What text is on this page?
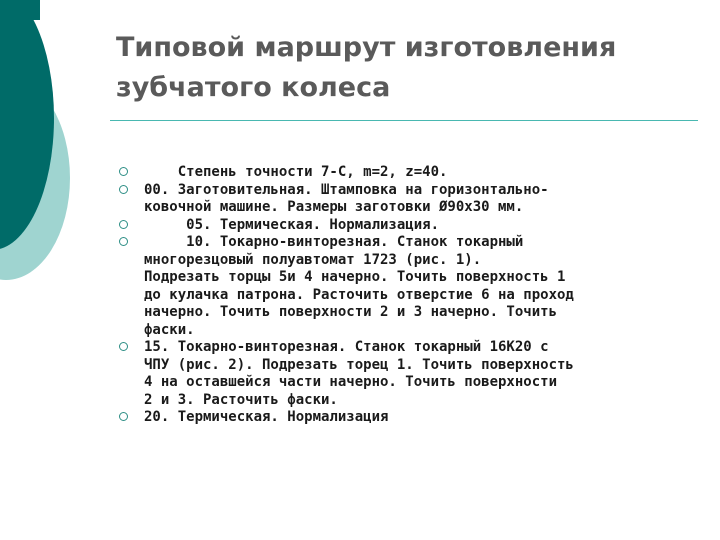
Типовой маршрут изготовления
зубчатого колеса
Степень точности 7-С, m=2, z=40.
00. Заготовительная. Штамповка на горизонтально-
ковочной машине. Размеры заготовки Ø90х30 мм.
05. Термическая. Нормализация.
10. Токарно-винторезная. Станок токарный
многорезцовый полуавтомат 1723 (рис. 1).
Подрезать торцы 5и 4 начерно. Точить поверхность 1
до кулачка патрона. Расточить отверстие 6 на проход
начерно. Точить поверхности 2 и 3 начерно. Точить
фаски.
15. Токарно-винторезная. Станок токарный 16К20 с
ЧПУ (рис. 2). Подрезать торец 1. Точить поверхность
4 на оставшейся части начерно. Точить поверхности
2 и 3. Расточить фаски.
20. Термическая. Нормализация
